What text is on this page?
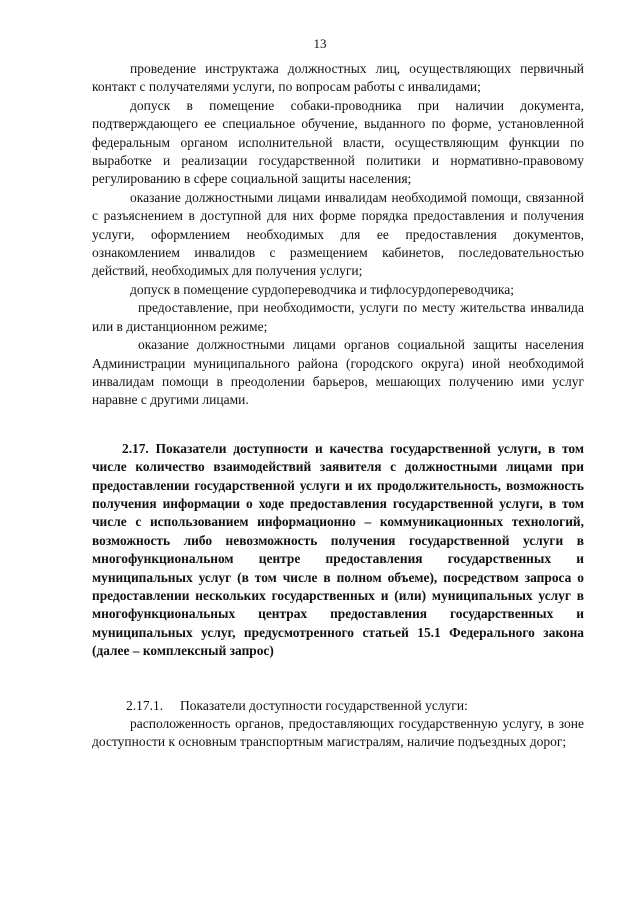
13

проведение инструктажа должностных лиц, осуществляющих первичный контакт с получателями услуги, по вопросам работы с инвалидами;

допуск в помещение собаки-проводника при наличии документа, подтверждающего ее специальное обучение, выданного по форме, установленной федеральным органом исполнительной власти, осуществляющим функции по выработке и реализации государственной политики и нормативно-правовому регулированию в сфере социальной защиты населения;

оказание должностными лицами инвалидам необходимой помощи, связанной с разъяснением в доступной для них форме порядка предоставления и получения услуги, оформлением необходимых для ее предоставления документов, ознакомлением инвалидов с размещением кабинетов, последовательностью действий, необходимых для получения услуги;

допуск в помещение сурдопереводчика и тифлосурдопереводчика;

предоставление, при необходимости, услуги по месту жительства инвалида или в дистанционном режиме;

оказание должностными лицами органов социальной защиты населения Администрации муниципального района (городского округа) иной необходимой инвалидам помощи в преодолении барьеров, мешающих получению ими услуг наравне с другими лицами.

2.17. Показатели доступности и качества государственной услуги, в том числе количество взаимодействий заявителя с должностными лицами при предоставлении государственной услуги и их продолжительность, возможность получения информации о ходе предоставления государственной услуги, в том числе с использованием информационно – коммуникационных технологий, возможность либо невозможность получения государственной услуги в многофункциональном центре предоставления государственных и муниципальных услуг (в том числе в полном объеме), посредством запроса о предоставлении нескольких государственных и (или) муниципальных услуг в многофункциональных центрах предоставления государственных и муниципальных услуг, предусмотренного статьей 15.1 Федерального закона (далее – комплексный запрос)

2.17.1.     Показатели доступности государственной услуги:

расположенность органов, предоставляющих государственную услугу, в зоне доступности к основным транспортным магистралям, наличие подъездных дорог;
